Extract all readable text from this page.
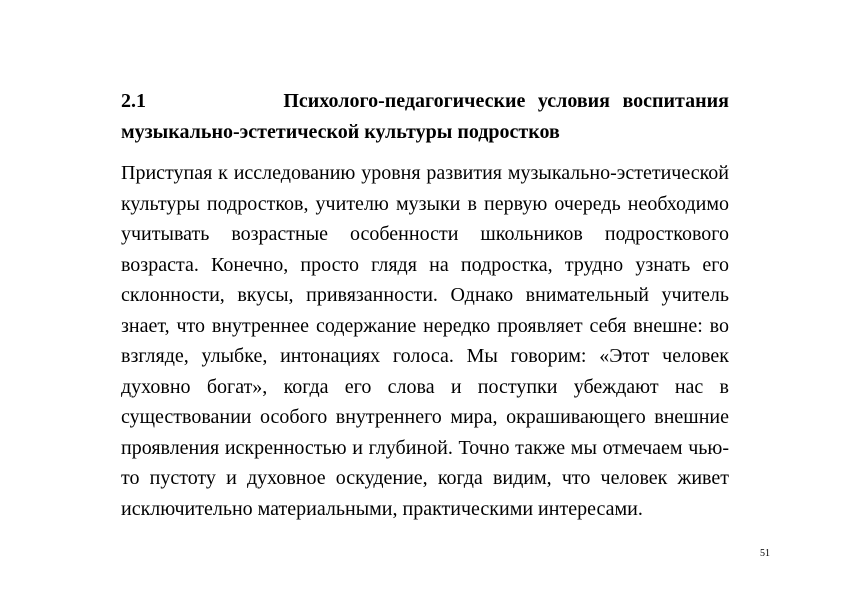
2.1	Психолого-педагогические условия воспитания музыкально-эстетической культуры подростков

Приступая к исследованию уровня развития музыкально-эстетической культуры подростков, учителю музыки в первую очередь необходимо учитывать возрастные особенности школьников подросткового возраста. Конечно, просто глядя на подростка, трудно узнать его склонности, вкусы, привязанности. Однако внимательный учитель знает, что внутреннее содержание нередко проявляет себя внешне: во взгляде, улыбке, интонациях голоса. Мы говорим: «Этот человек духовно богат», когда его слова и поступки убеждают нас в существовании особого внутреннего мира, окрашивающего внешние проявления искренностью и глубиной. Точно также мы отмечаем чью-то пустоту и духовное оскудение, когда видим, что человек живет исключительно материальными, практическими интересами.

51
